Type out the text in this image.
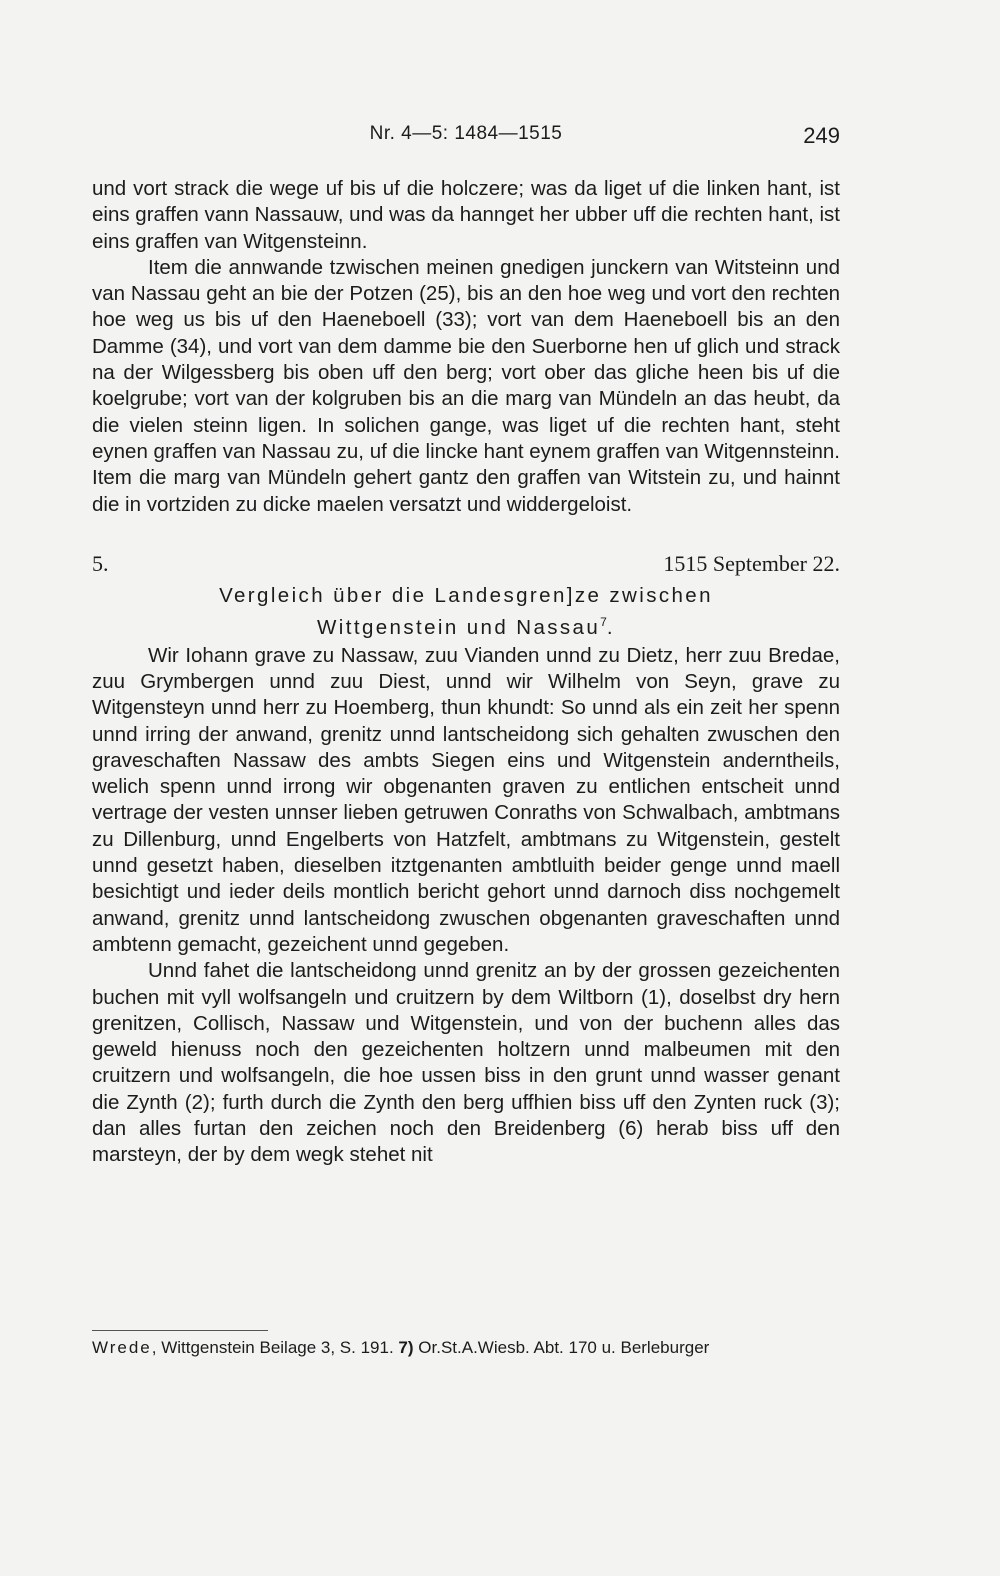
Nr. 4—5: 1484—1515	249

und vort strack die wege uf bis uf die holczere; was da liget uf die linken hant, ist eins graffen vann Nassauw, und was da hannget her ubber uff die rechten hant, ist eins graffen van Witgensteinn.

Item die annwande tzwischen meinen gnedigen junckern van Witsteinn und van Nassau geht an bie der Potzen (25), bis an den hoe weg und vort den rechten hoe weg us bis uf den Haeneboell (33); vort van dem Haeneboell bis an den Damme (34), und vort van dem damme bie den Suerborne hen uf glich und strack na der Wilgessberg bis oben uff den berg; vort ober das gliche heen bis uf die koelgrube; vort van der kolgruben bis an die marg van Mündeln an das heubt, da die vielen steinn ligen. In solichen gange, was liget uf die rechten hant, steht eynen graffen van Nassau zu, uf die lincke hant eynem graffen van Witgennsteinn. Item die marg van Mündeln gehert gantz den graffen van Witstein zu, und hainnt die in vortziden zu dicke maelen versatzt und widdergeloist.

5.	1515 September 22.
Vergleich über die Landesgren]ze zwischen
Wittgenstein und Nassau$^7$.

Wir Iohann grave zu Nassaw, zuu Vianden unnd zu Dietz, herr zuu Bredae, zuu Grymbergen unnd zuu Diest, unnd wir Wilhelm von Seyn, grave zu Witgensteyn unnd herr zu Hoemberg, thun khundt: So unnd als ein zeit her spenn unnd irring der anwand, grenitz unnd lantscheidong sich gehalten zwuschen den graveschaften Nassaw des ambts Siegen eins und Witgenstein anderntheils, welich spenn unnd irrong wir obgenanten graven zu entlichen entscheit unnd vertrage der vesten unnser lieben getruwen Conraths von Schwalbach, ambtmans zu Dillenburg, unnd Engelberts von Hatzfelt, ambtmans zu Witgenstein, gestelt unnd gesetzt haben, dieselben itztgenanten ambtluith beider genge unnd maell besichtigt und ieder deils montlich bericht gehort unnd darnoch diss nochgemelt anwand, grenitz unnd lantscheidong zwuschen obgenanten graveschaften unnd ambtenn gemacht, gezeichent unnd gegeben.

Unnd fahet die lantscheidong unnd grenitz an by der grossen gezeichenten buchen mit vyll wolfsangeln und cruitzern by dem Wiltborn (1), doselbst dry hern grenitzen, Collisch, Nassaw und Witgenstein, und von der buchenn alles das geweld hienuss noch den gezeichenten holtzern unnd malbeumen mit den cruitzern und wolfsangeln, die hoe ussen biss in den grunt unnd wasser genant die Zynth (2); furth durch die Zynth den berg uffhien biss uff den Zynten ruck (3); dan alles furtan den zeichen noch den Breidenberg (6) herab biss uff den marsteyn, der by dem wegk stehet nit

Wrede, Wittgenstein Beilage 3, S. 191. 7) Or.St.A.Wiesb. Abt. 170 u. Berleburger
